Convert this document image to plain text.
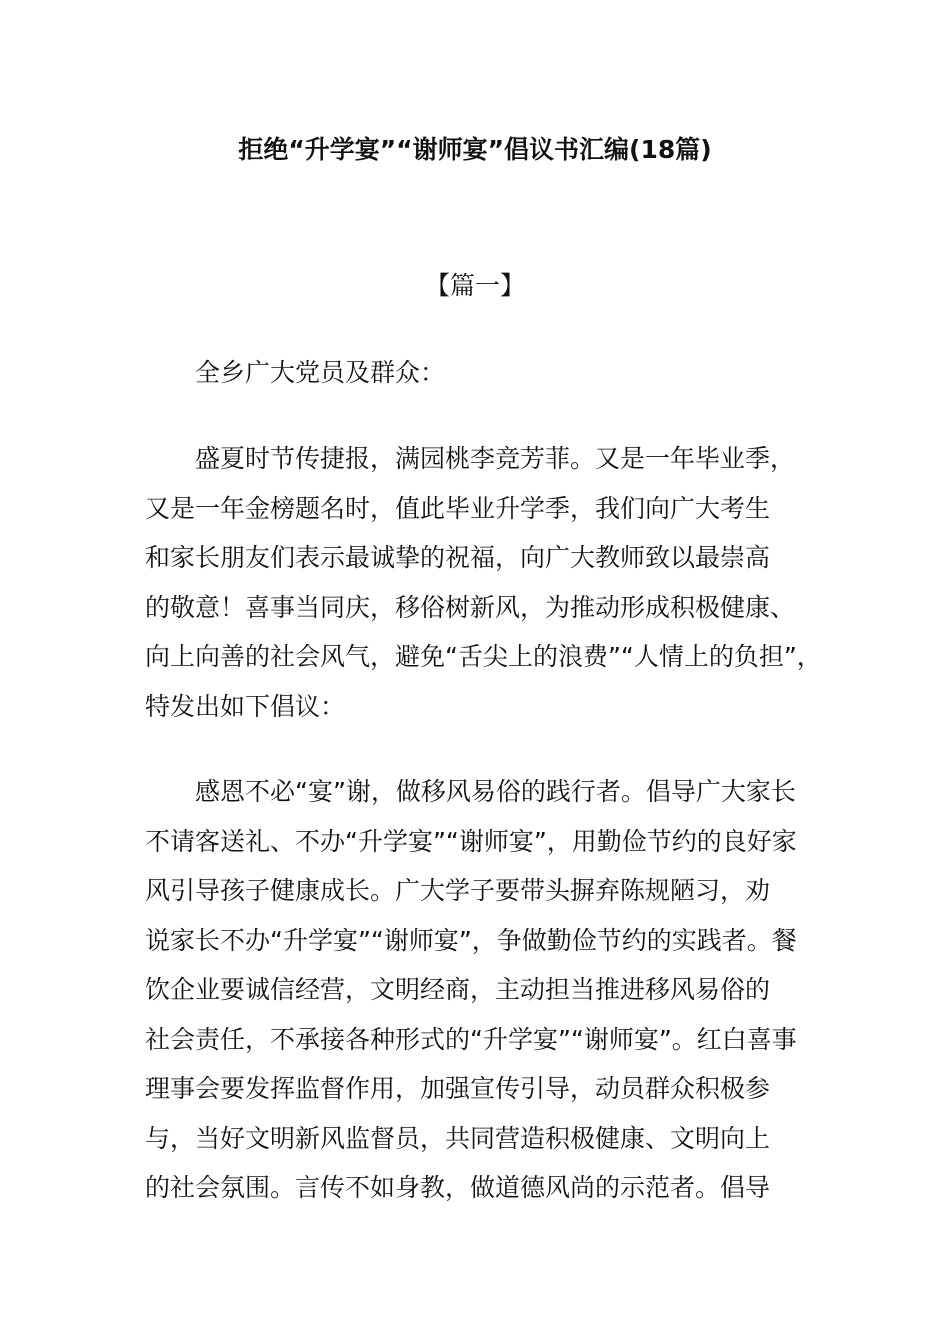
拒绝“升学宴”“谢师宴”倡议书汇编(18篇)
【篇一】
全乡广大党员及群众：
盛夏时节传捷报，满园桃李竞芳菲。又是一年毕业季，
又是一年金榜题名时，值此毕业升学季，我们向广大考生
和家长朋友们表示最诚挚的祝福，向广大教师致以最崇高
的敬意！喜事当同庆，移俗树新风，为推动形成积极健康、
向上向善的社会风气，避免“舌尖上的浪费”“人情上的负担”，
特发出如下倡议：
感恩不必“宴”谢，做移风易俗的践行者。倡导广大家长
不请客送礼、不办“升学宴”“谢师宴”，用勤俭节约的良好家
风引导孩子健康成长。广大学子要带头摒弃陈规陋习，劝
说家长不办“升学宴”“谢师宴”，争做勤俭节约的实践者。餐
饮企业要诚信经营，文明经商，主动担当推进移风易俗的
社会责任，不承接各种形式的“升学宴”“谢师宴”。红白喜事
理事会要发挥监督作用，加强宣传引导，动员群众积极参
与，当好文明新风监督员，共同营造积极健康、文明向上
的社会氛围。言传不如身教，做道德风尚的示范者。倡导
